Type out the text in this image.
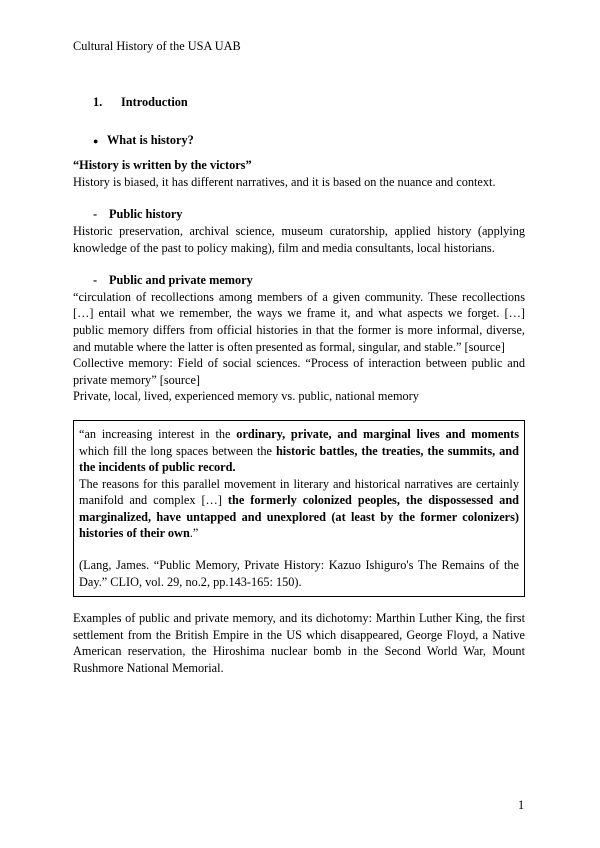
Cultural History of the USA UAB
1. Introduction
● What is history?

“History is written by the victors”

History is biased, it has different narratives, and it is based on the nuance and context.

- Public history

Historic preservation, archival science, museum curatorship, applied history (applying knowledge of the past to policy making), film and media consultants, local historians.

- Public and private memory

“circulation of recollections among members of a given community. These recollections […] entail what we remember, the ways we frame it, and what aspects we forget. […] public memory differs from official histories in that the former is more informal, diverse, and mutable where the latter is often presented as formal, singular, and stable.” [source]

Collective memory: Field of social sciences. “Process of interaction between public and private memory” [source]

Private, local, lived, experienced memory vs. public, national memory

“an increasing interest in the ordinary, private, and marginal lives and moments which fill the long spaces between the historic battles, the treaties, the summits, and the incidents of public record.

The reasons for this parallel movement in literary and historical narratives are certainly manifold and complex […] the formerly colonized peoples, the dispossessed and marginalized, have untapped and unexplored (at least by the former colonizers) histories of their own.”

(Lang, James. “Public Memory, Private History: Kazuo Ishiguro's The Remains of the Day.” CLIO, vol. 29, no.2, pp.143-165: 150).

Examples of public and private memory, and its dichotomy: Marthin Luther King, the first settlement from the British Empire in the US which disappeared, George Floyd, a Native American reservation, the Hiroshima nuclear bomb in the Second World War, Mount Rushmore National Memorial.

1
